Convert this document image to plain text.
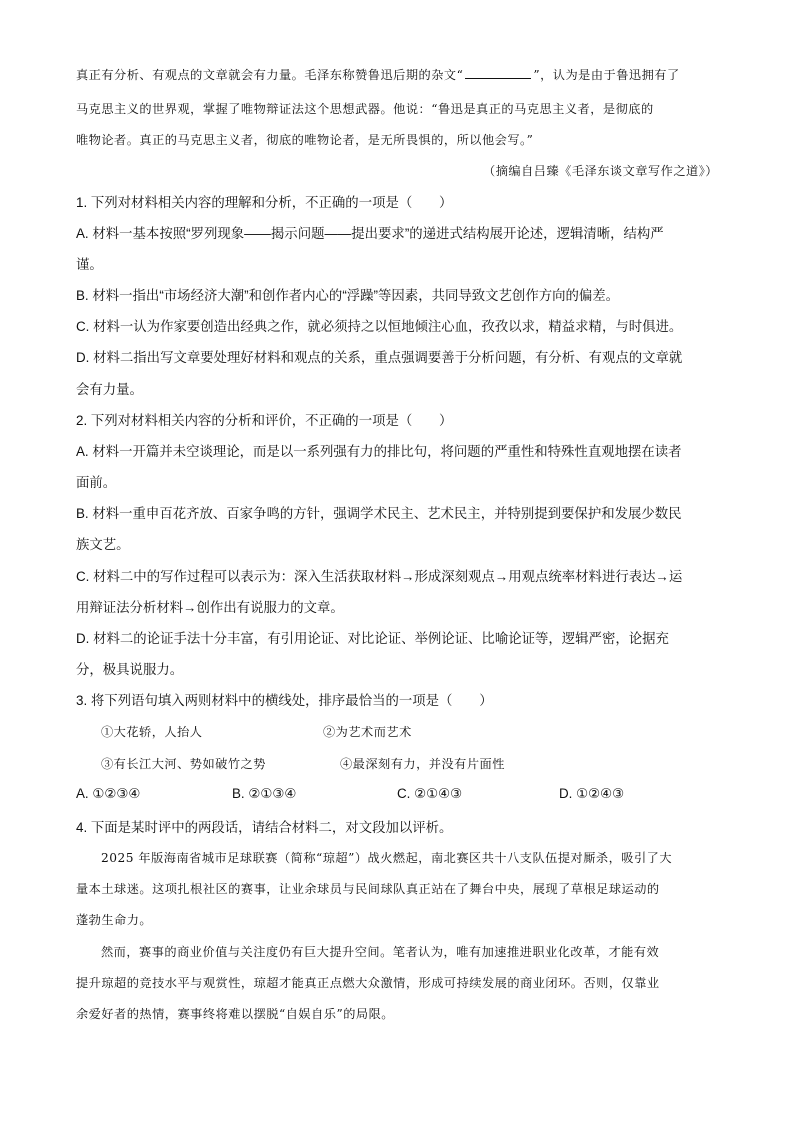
真正有分析、有观点的文章就会有力量。毛泽东称赞鲁迅后期的杂文“	”，认为是由于鲁迅拥有了
马克思主义的世界观，掌握了唯物辩证法这个思想武器。他说：“鲁迅是真正的马克思主义者，是彻底的
唯物论者。真正的马克思主义者，彻底的唯物论者，是无所畏惧的，所以他会写。”
（摘编自吕臻《毛泽东谈文章写作之道》）
1. 下列对材料相关内容的理解和分析，不正确的一项是（　　）
A. 材料一基本按照“罗列现象——揭示问题——提出要求”的递进式结构展开论述，逻辑清晰，结构严
谨。
B. 材料一指出“市场经济大潮”和创作者内心的“浮躁”等因素，共同导致文艺创作方向的偏差。
C. 材料一认为作家要创造出经典之作，就必须持之以恒地倾注心血，孜孜以求，精益求精，与时俱进。
D. 材料二指出写文章要处理好材料和观点的关系，重点强调要善于分析问题，有分析、有观点的文章就
会有力量。
2. 下列对材料相关内容的分析和评价，不正确的一项是（　　）
A. 材料一开篇并未空谈理论，而是以一系列强有力的排比句，将问题的严重性和特殊性直观地摆在读者
面前。
B. 材料一重申百花齐放、百家争鸣的方针，强调学术民主、艺术民主，并特别提到要保护和发展少数民
族文艺。
C. 材料二中的写作过程可以表示为：深入生活获取材料→形成深刻观点→用观点统率材料进行表达→运
用辩证法分析材料→创作出有说服力的文章。
D. 材料二的论证手法十分丰富，有引用论证、对比论证、举例论证、比喻论证等，逻辑严密，论据充
分，极具说服力。
3. 将下列语句填入两则材料中的横线处，排序最恰当的一项是（　　）
①大花轿，人抬人	②为艺术而艺术
③有长江大河、势如破竹之势	④最深刻有力，并没有片面性
A. ①②③④	B. ②①③④	C. ②①④③	D. ①②④③
4. 下面是某时评中的两段话，请结合材料二，对文段加以评析。
2025 年版海南省城市足球联赛（简称“琼超”）战火燃起，南北赛区共十八支队伍提对厮杀，吸引了大
量本土球迷。这项扎根社区的赛事，让业余球员与民间球队真正站在了舞台中央，展现了草根足球运动的
蓬勃生命力。
然而，赛事的商业价值与关注度仍有巨大提升空间。笔者认为，唯有加速推进职业化改革，才能有效
提升琼超的竞技水平与观赏性，琼超才能真正点燃大众激情，形成可持续发展的商业闭环。否则，仅靠业
余爱好者的热情，赛事终将难以摆脱“自娱自乐”的局限。
